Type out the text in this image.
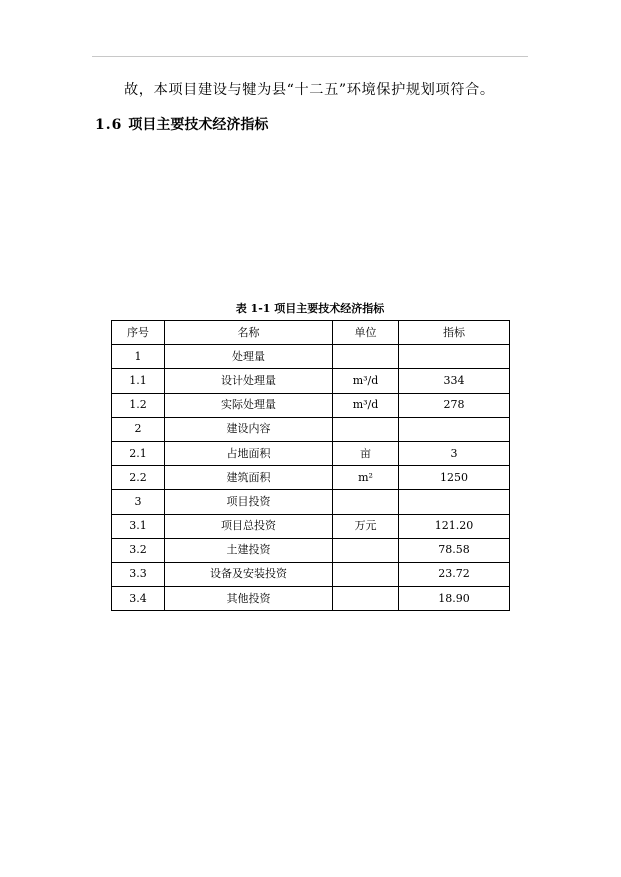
故，本项目建设与犍为县“十二五”环境保护规划项符合。
1.6 项目主要技术经济指标
表 1-1 项目主要技术经济指标
序号	名称	单位	指标
1	处理量		
1.1	设计处理量	m³/d	334
1.2	实际处理量	m³/d	278
2	建设内容		
2.1	占地面积	亩	3
2.2	建筑面积	m²	1250
3	项目投资		
3.1	项目总投资	万元	121.20
3.2	土建投资		78.58
3.3	设备及安装投资		23.72
3.4	其他投资		18.90
